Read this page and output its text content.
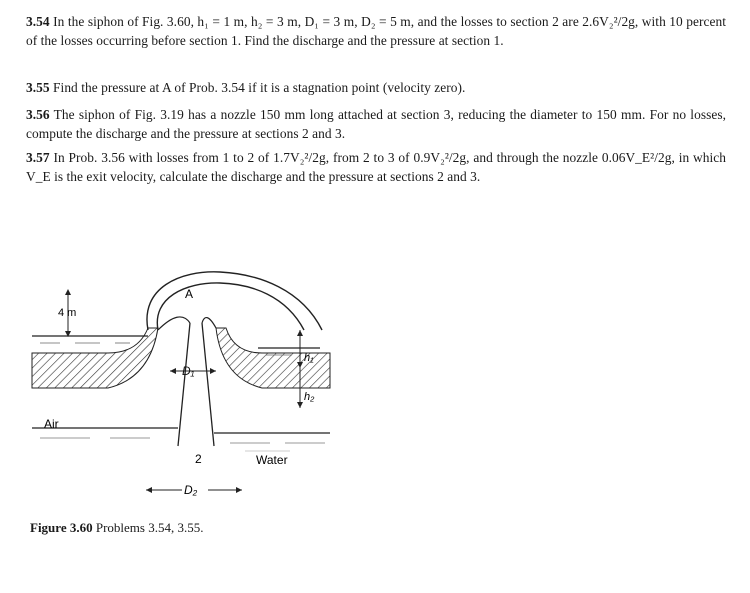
3.54 In the siphon of Fig. 3.60, h₁ = 1 m, h₂ = 3 m, D₁ = 3 m, D₂ = 5 m, and the losses to section 2 are 2.6V₂²/2g, with 10 percent of the losses occurring before section 1. Find the discharge and the pressure at section 1.

3.55 Find the pressure at A of Prob. 3.54 if it is a stagnation point (velocity zero).

3.56 The siphon of Fig. 3.19 has a nozzle 150 mm long attached at section 3, reducing the diameter to 150 mm. For no losses, compute the discharge and the pressure at sections 2 and 3.

3.57 In Prob. 3.56 with losses from 1 to 2 of 1.7V₂²/2g, from 2 to 3 of 0.9V₂²/2g, and through the nozzle 0.06V_E²/2g, in which V_E is the exit velocity, calculate the discharge and the pressure at sections 2 and 3.

4 m
h₁
h₂
A
D₁
Air
2	Water
D₂
Figure 3.60 Problems 3.54, 3.55.
